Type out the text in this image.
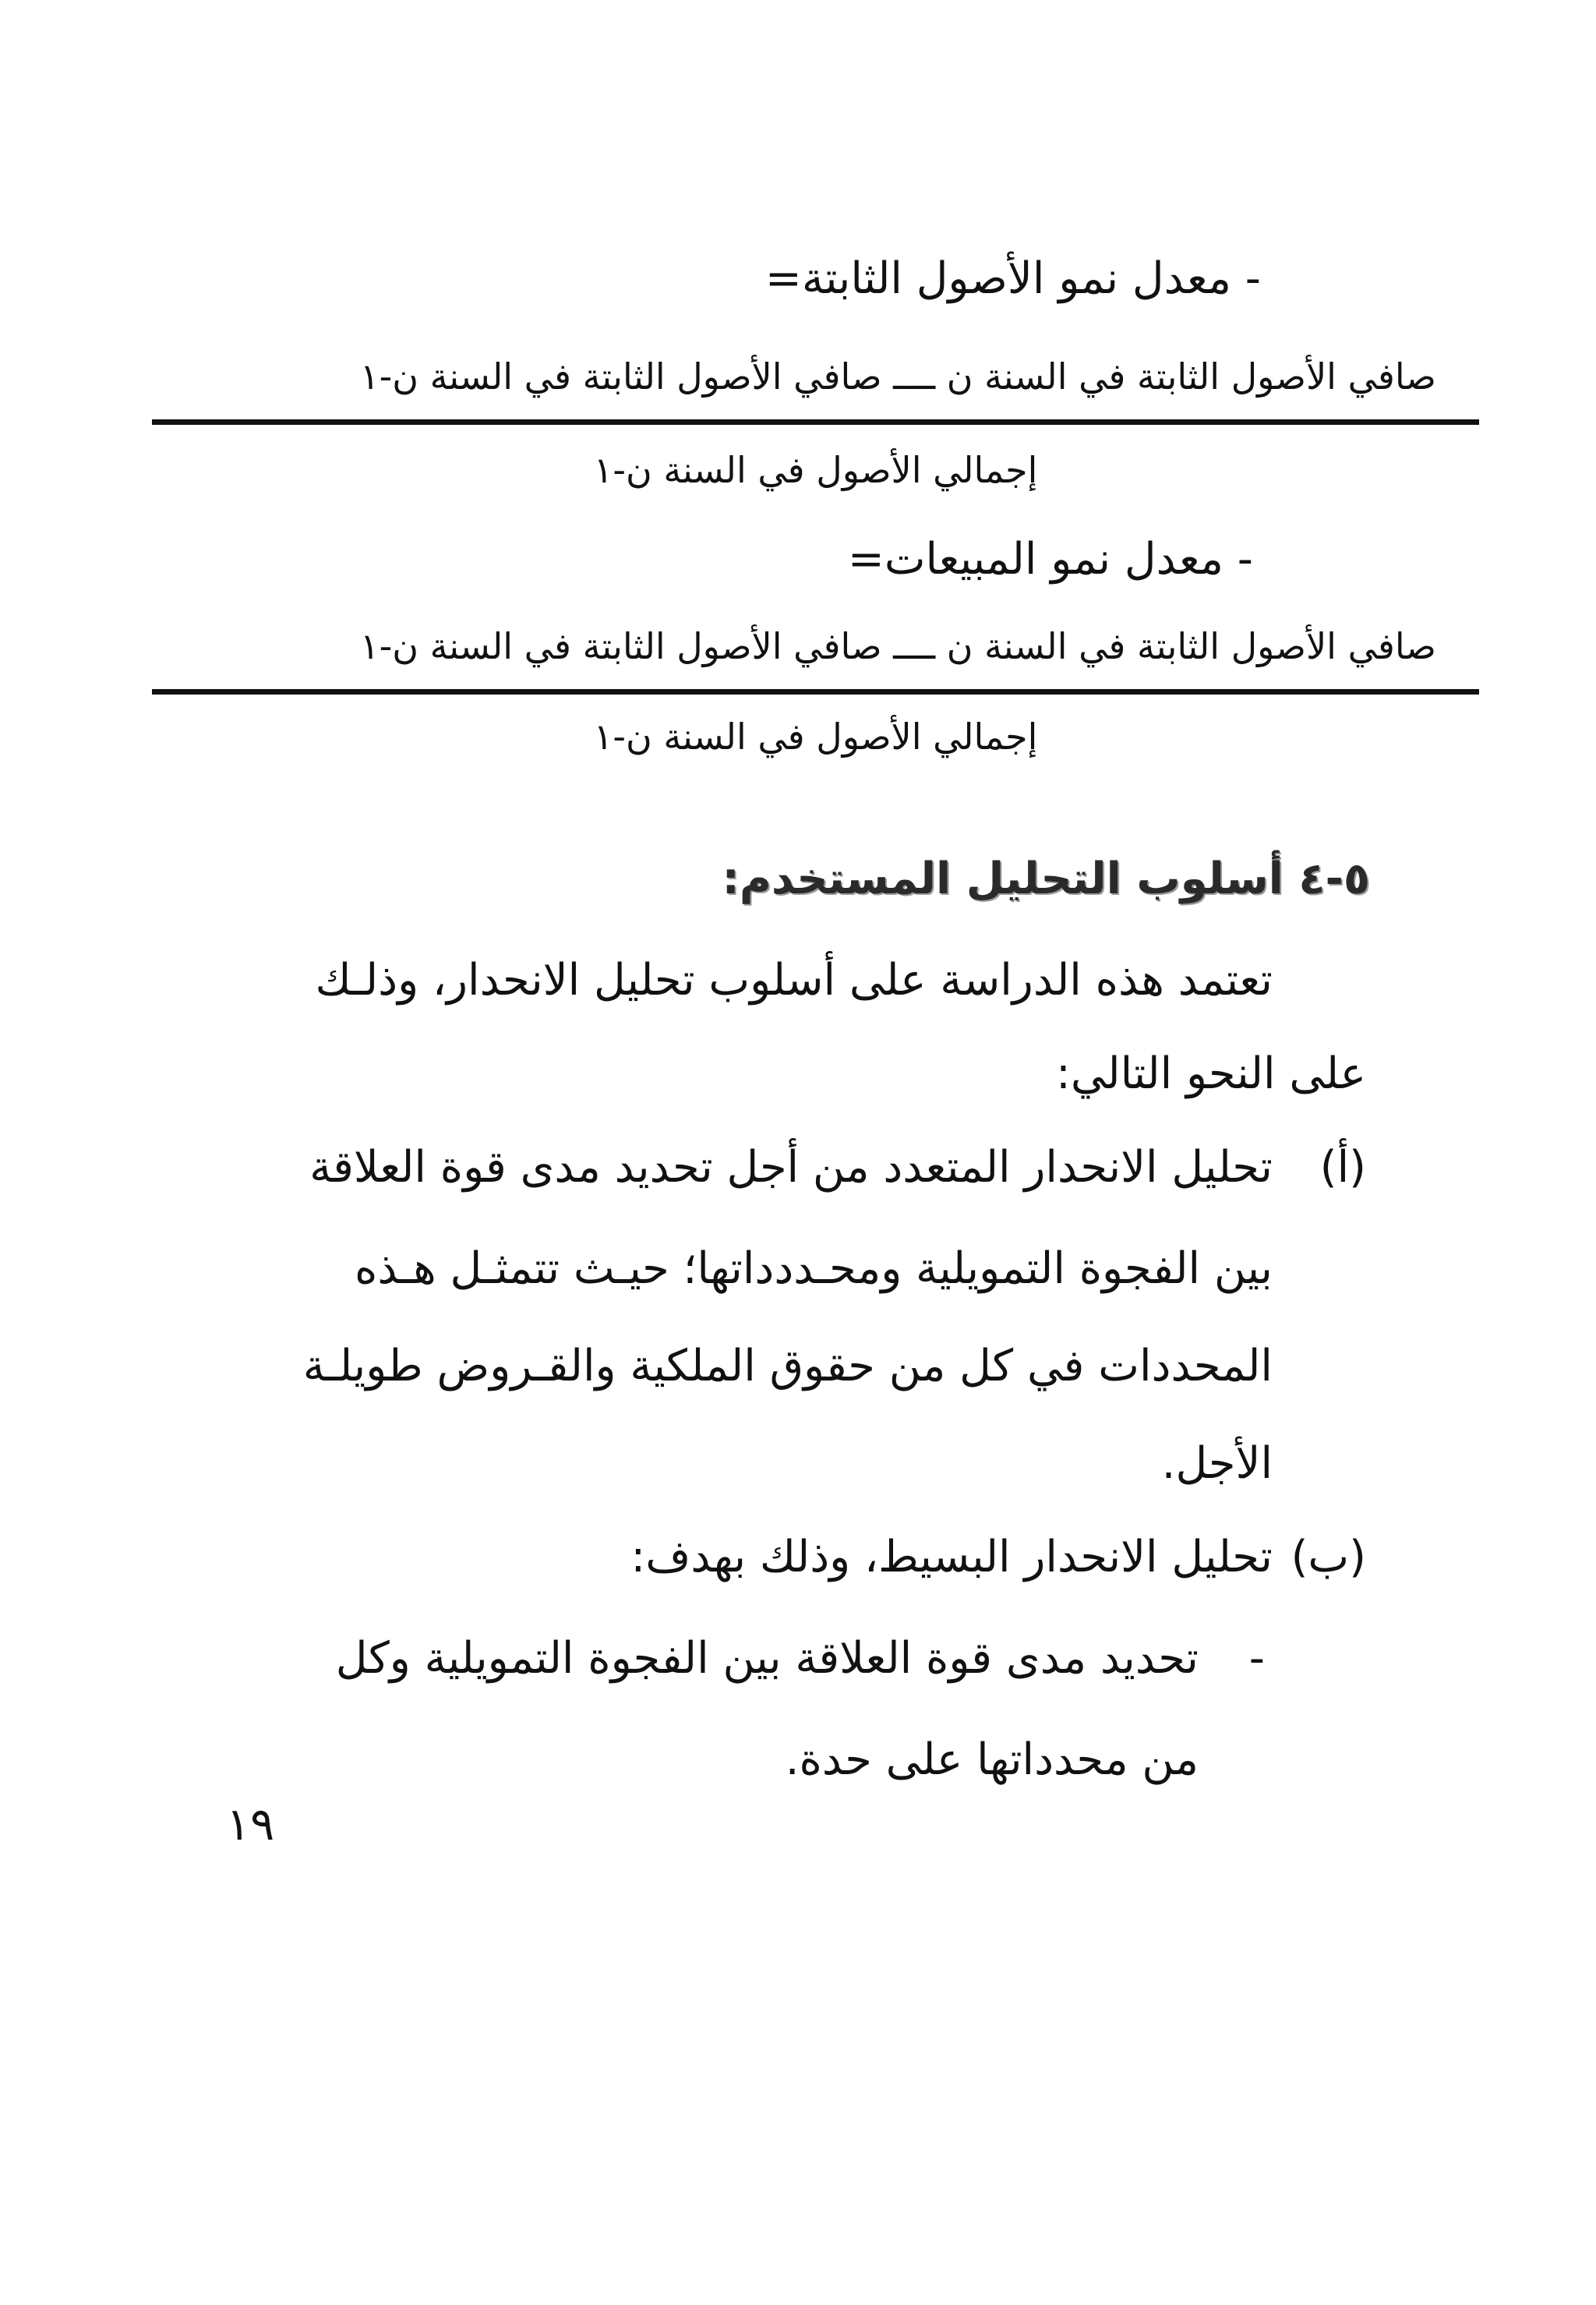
- معدل نمو الأصول الثابتة=
صافي الأصول الثابتة في السنة ن ــــ صافي الأصول الثابتة في السنة ن-١
إجمالي الأصول في السنة ن-١
- معدل نمو المبيعات=
صافي الأصول الثابتة في السنة ن ــــ صافي الأصول الثابتة في السنة ن-١
إجمالي الأصول في السنة ن-١
٥-٤ أسلوب التحليل المستخدم:
تعتمد هذه الدراسة على أسلوب تحليل الانحدار، وذلـك
على النحو التالي:
(أ)
تحليل الانحدار المتعدد من أجل تحديد مدى قوة العلاقة
بين الفجوة التمويلية ومحـددداتها؛ حيـث تتمثـل هـذه
المحددات في كل من حقوق الملكية والقـروض طويلـة
الأجل.
(ب)
تحليل الانحدار البسيط، وذلك بهدف:
-
تحديد مدى قوة العلاقة بين الفجوة التمويلية وكل
من محدداتها على حدة.
١٩
